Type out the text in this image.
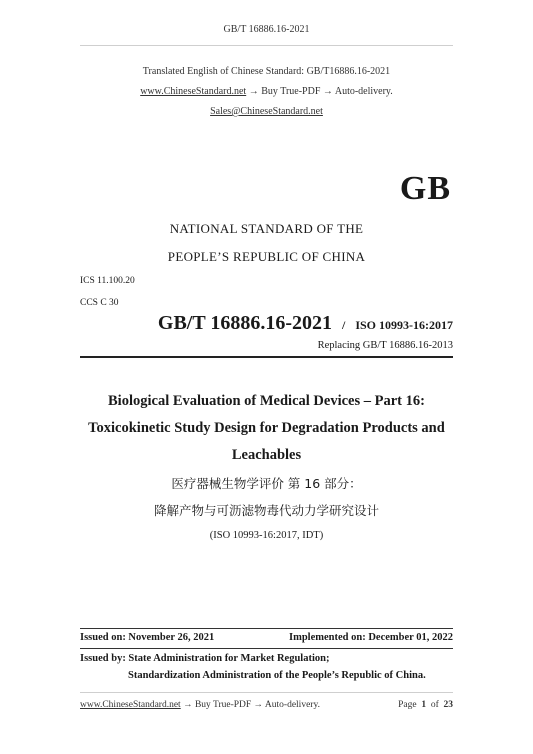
GB/T 16886.16-2021
Translated English of Chinese Standard: GB/T16886.16-2021
www.ChineseStandard.net → Buy True-PDF → Auto-delivery.
Sales@ChineseStandard.net
GB
NATIONAL STANDARD OF THE
PEOPLE’S REPUBLIC OF CHINA
ICS 11.100.20
CCS C 30
GB/T 16886.16-2021 / ISO 10993-16:2017
Replacing GB/T 16886.16-2013
Biological Evaluation of Medical Devices – Part 16:
Toxicokinetic Study Design for Degradation Products and
Leachables
医疗器械生物学评价 第 16 部分：
降解产物与可沥滤物毒代动力学研究设计
(ISO 10993-16:2017, IDT)
Issued on: November 26, 2021	Implemented on: December 01, 2022
Issued by: State Administration for Market Regulation;
Standardization Administration of the People’s Republic of China.
www.ChineseStandard.net → Buy True-PDF → Auto-delivery.	Page 1 of 23
